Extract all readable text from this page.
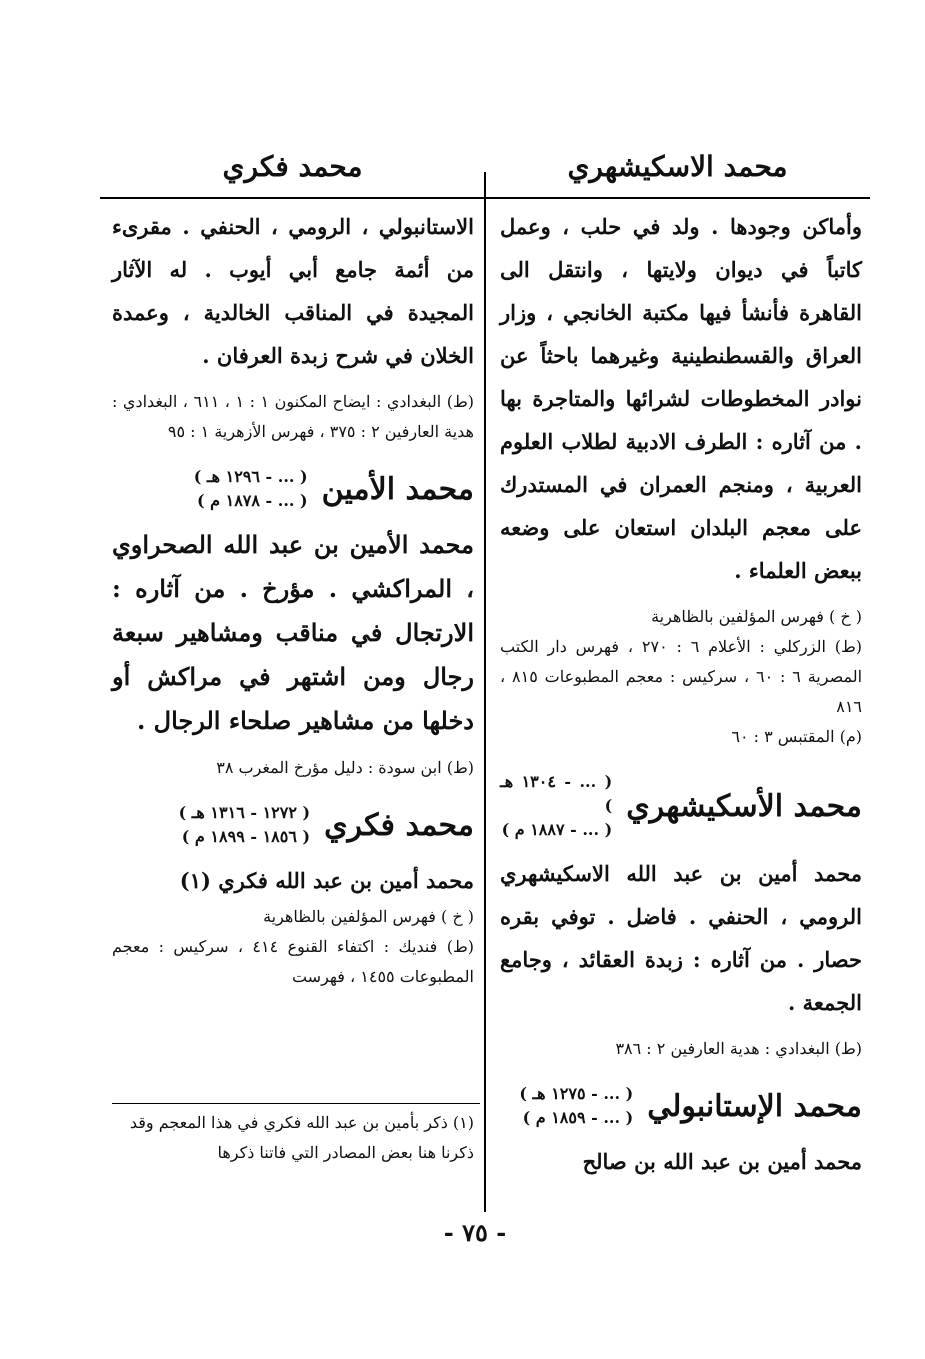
محمد الاسكيشهري
محمد فكري

وأماكن وجودها . ولد في حلب ، وعمل كاتباً في ديوان ولايتها ، وانتقل الى القاهرة فأنشأ فيها مكتبة الخانجي ، وزار العراق والقسطنطينية وغيرهما باحثاً عن نوادر المخطوطات لشرائها والمتاجرة بها . من آثاره : الطرف الادبية لطلاب العلوم العربية ، ومنجم العمران في المستدرك على معجم البلدان استعان على وضعه ببعض العلماء .

( خ ) فهرس المؤلفين بالظاهرية

(ط) الزركلي : الأعلام ٦ : ٢٧٠ ، فهرس دار الكتب المصرية ٦ : ٦٠ ، سركيس : معجم المطبوعات ٨١٥ ، ٨١٦

(م) المقتبس ٣ : ٦٠

محمد الأسكيشهري
( ... - ١٣٠٤ هـ )
( ... - ١٨٨٧ م )

محمد أمين بن عبد الله الاسكيشهري الرومي ، الحنفي . فاضل . توفي بقره حصار . من آثاره : زبدة العقائد ، وجامع الجمعة .

(ط) البغدادي : هدية العارفين ٢ : ٣٨٦

محمد الإستانبولي
( ... - ١٢٧٥ هـ )
( ... - ١٨٥٩ م )

محمد أمين بن عبد الله بن صالح

الاستانبولي ، الرومي ، الحنفي . مقرىء من أئمة جامع أبي أيوب . له الآثار المجيدة في المناقب الخالدية ، وعمدة الخلان في شرح زبدة العرفان .

(ط) البغدادي : ايضاح المكنون ١ : ١ ، ٦١١ ، البغدادي : هدية العارفين ٢ : ٣٧٥ ، فهرس الأزهرية ١ : ٩٥

محمد الأمين
( ... - ١٢٩٦ هـ )
( ... - ١٨٧٨ م )

محمد الأمين بن عبد الله الصحراوي ، المراكشي . مؤرخ . من آثاره : الارتجال في مناقب ومشاهير سبعة رجال ومن اشتهر في مراكش أو دخلها من مشاهير صلحاء الرجال .

(ط) ابن سودة : دليل مؤرخ المغرب ٣٨

محمد فكري
( ١٢٧٢ - ١٣١٦ هـ )
( ١٨٥٦ - ١٨٩٩ م )

محمد أمين بن عبد الله فكري (١)

( خ ) فهرس المؤلفين بالظاهرية

(ط) فنديك : اكتفاء القنوع ٤١٤ ، سركيس : معجم المطبوعات ١٤٥٥ ، فهرست

(١) ذكر بأمين بن عبد الله فكري في هذا المعجم وقد ذكرنا هنا بعض المصادر التي فاتنا ذكرها
- ٧٥ -
